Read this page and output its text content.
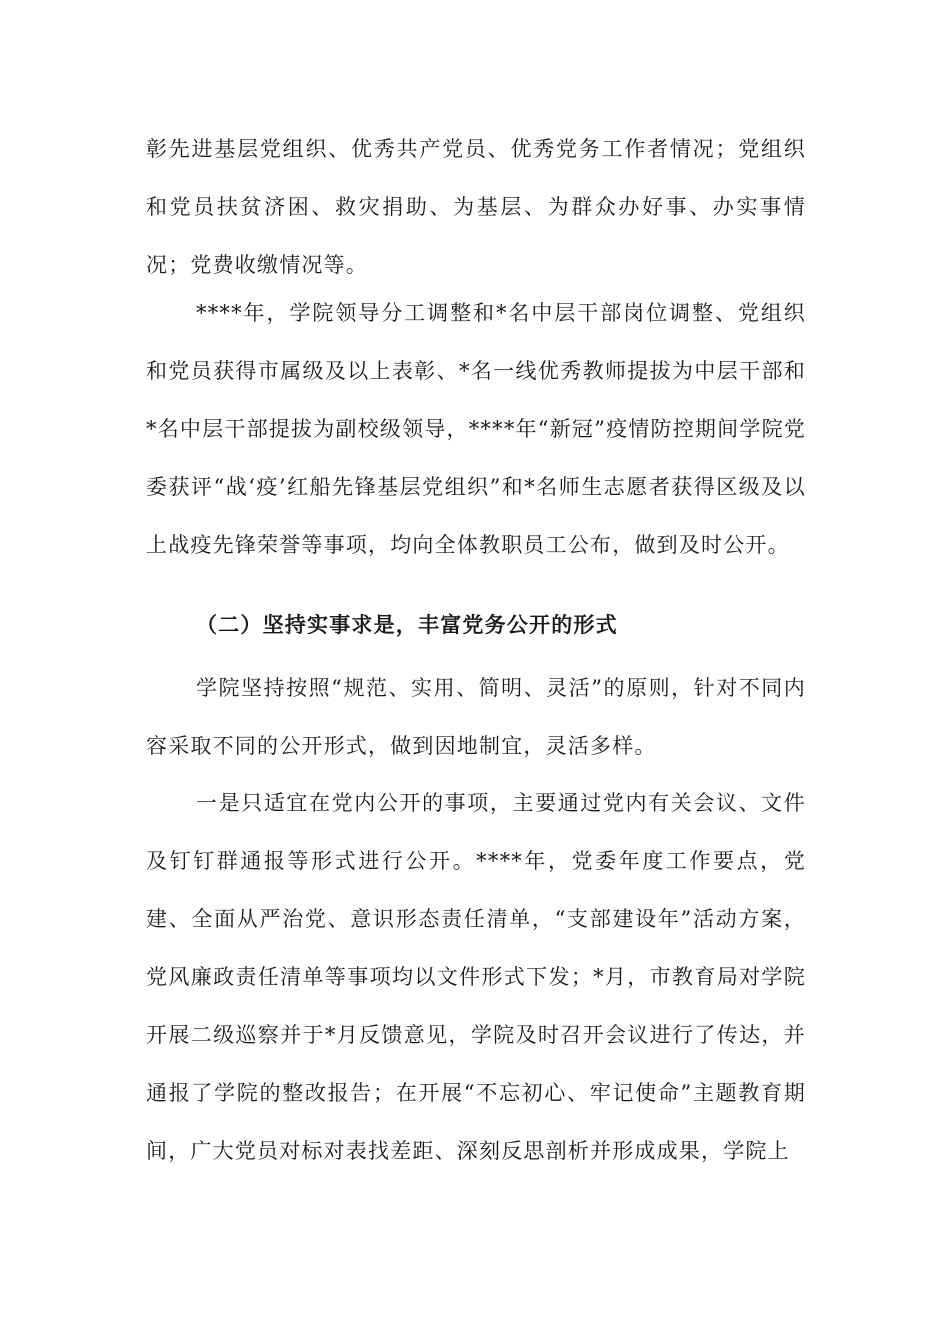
彰先进基层党组织、优秀共产党员、优秀党务工作者情况；党组织和党员扶贫济困、救灾捐助、为基层、为群众办好事、办实事情况；党费收缴情况等。

****年，学院领导分工调整和*名中层干部岗位调整、党组织和党员获得市属级及以上表彰、*名一线优秀教师提拔为中层干部和*名中层干部提拔为副校级领导，****年“新冠”疫情防控期间学院党委获评“战‘疫’红船先锋基层党组织”和*名师生志愿者获得区级及以上战疫先锋荣誉等事项，均向全体教职员工公布，做到及时公开。

（二）坚持实事求是，丰富党务公开的形式

学院坚持按照“规范、实用、简明、灵活”的原则，针对不同内容采取不同的公开形式，做到因地制宜，灵活多样。

一是只适宜在党内公开的事项，主要通过党内有关会议、文件及钉钉群通报等形式进行公开。****年，党委年度工作要点，党建、全面从严治党、意识形态责任清单，“支部建设年”活动方案，党风廉政责任清单等事项均以文件形式下发；*月，市教育局对学院开展二级巡察并于*月反馈意见，学院及时召开会议进行了传达，并通报了学院的整改报告；在开展“不忘初心、牢记使命”主题教育期间，广大党员对标对表找差距、深刻反思剖析并形成成果，学院上
